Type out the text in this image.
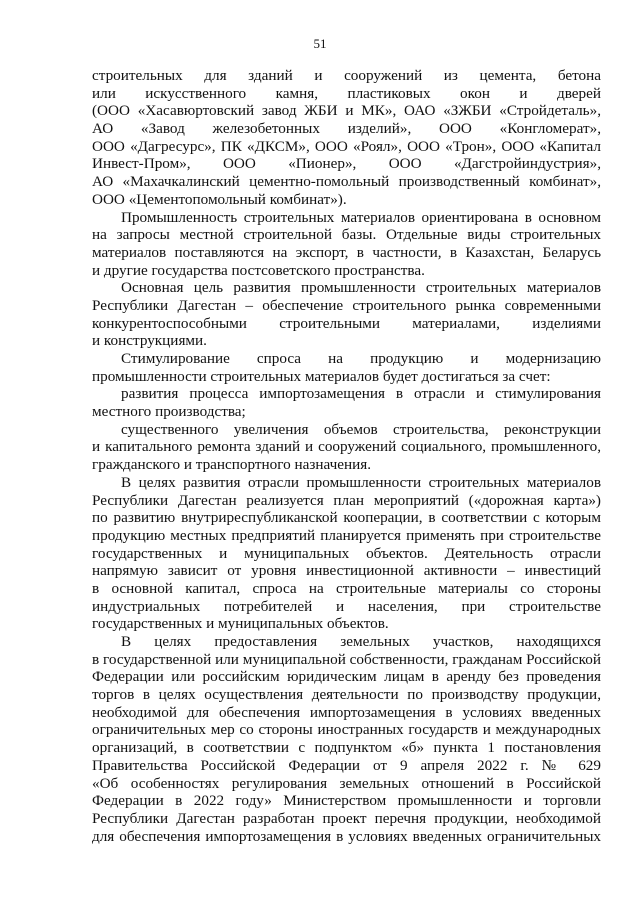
51
строительных для зданий и сооружений из цемента, бетона
или искусственного камня, пластиковых окон и дверей
(ООО «Хасавюртовский завод ЖБИ и МК», ОАО «ЗЖБИ «Стройдеталь»,
АО «Завод железобетонных изделий», ООО «Конгломерат»,
ООО «Дагресурс», ПК «ДКСМ», ООО «Роял», ООО «Трон», ООО «Капитал
Инвест-Пром», ООО «Пионер», ООО «Дагстройиндустрия»,
АО «Махачкалинский цементно-помольный производственный комбинат»,
ООО «Цементопомольный комбинат»).
Промышленность строительных материалов ориентирована в основном
на запросы местной строительной базы. Отдельные виды строительных
материалов поставляются на экспорт, в частности, в Казахстан, Беларусь
и другие государства постсоветского пространства.
Основная цель развития промышленности строительных материалов
Республики Дагестан – обеспечение строительного рынка современными
конкурентоспособными строительными материалами, изделиями
и конструкциями.
Стимулирование спроса на продукцию и модернизацию
промышленности строительных материалов будет достигаться за счет:
развития процесса импортозамещения в отрасли и стимулирования
местного производства;
существенного увеличения объемов строительства, реконструкции
и капитального ремонта зданий и сооружений социального, промышленного,
гражданского и транспортного назначения.
В целях развития отрасли промышленности строительных материалов
Республики Дагестан реализуется план мероприятий («дорожная карта»)
по развитию внутриреспубликанской кооперации, в соответствии с которым
продукцию местных предприятий планируется применять при строительстве
государственных и муниципальных объектов. Деятельность отрасли
напрямую зависит от уровня инвестиционной активности – инвестиций
в основной капитал, спроса на строительные материалы со стороны
индустриальных потребителей и населения, при строительстве
государственных и муниципальных объектов.
В целях предоставления земельных участков, находящихся
в государственной или муниципальной собственности, гражданам Российской
Федерации или российским юридическим лицам в аренду без проведения
торгов в целях осуществления деятельности по производству продукции,
необходимой для обеспечения импортозамещения в условиях введенных
ограничительных мер со стороны иностранных государств и международных
организаций, в соответствии с подпунктом «б» пункта 1 постановления
Правительства Российской Федерации от 9 апреля 2022 г. № 629
«Об особенностях регулирования земельных отношений в Российской
Федерации в 2022 году» Министерством промышленности и торговли
Республики Дагестан разработан проект перечня продукции, необходимой
для обеспечения импортозамещения в условиях введенных ограничительных
